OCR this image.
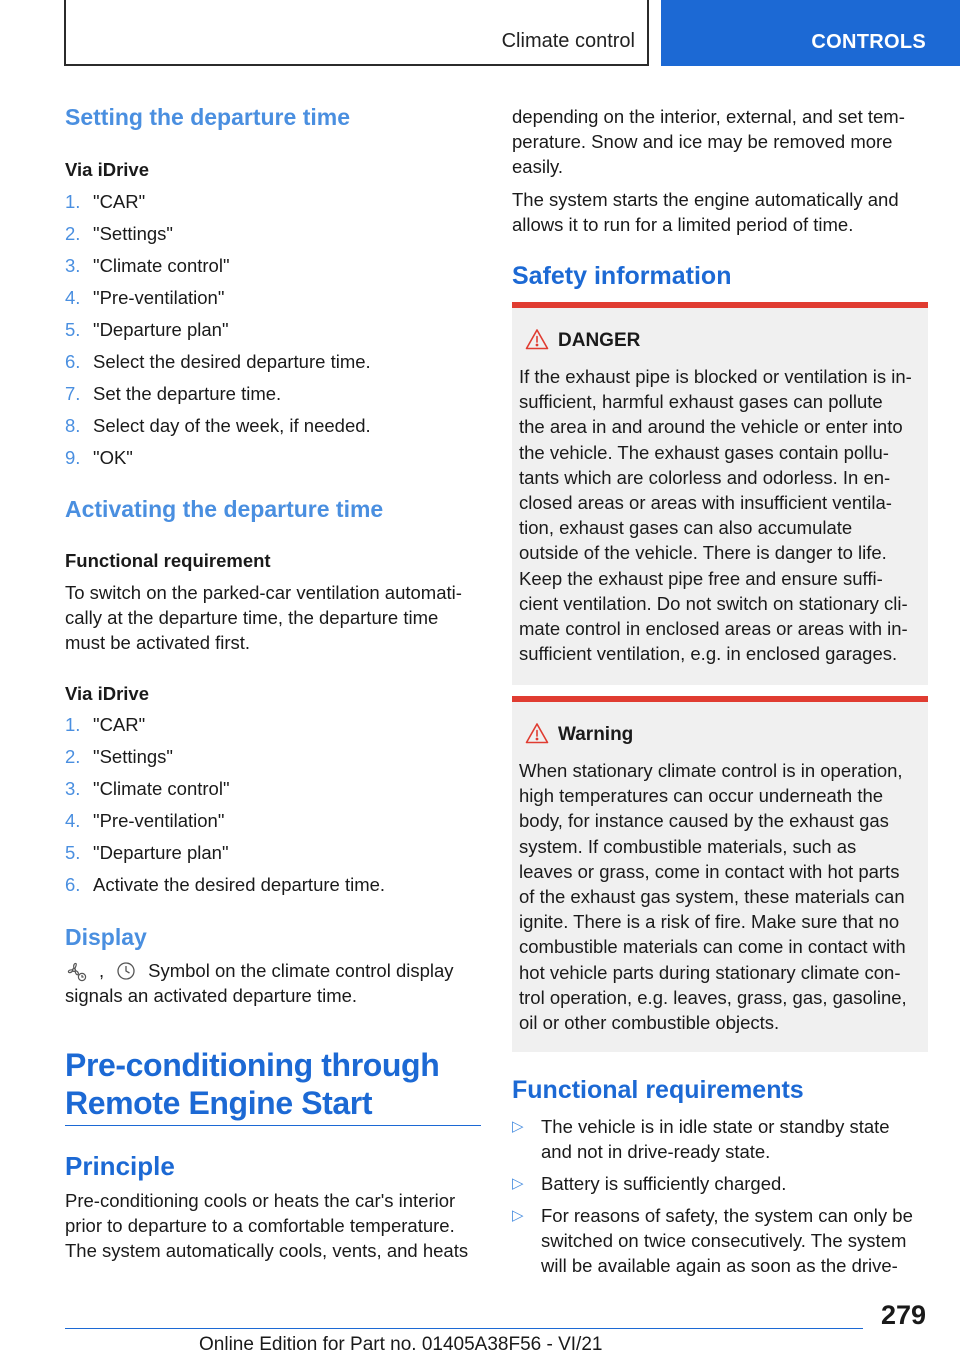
Climate control	CONTROLS
Setting the departure time
Via iDrive
1. "CAR"
2. "Settings"
3. "Climate control"
4. "Pre-ventilation"
5. "Departure plan"
6. Select the desired departure time.
7. Set the departure time.
8. Select day of the week, if needed.
9. "OK"
Activating the departure time
Functional requirement
To switch on the parked-car ventilation automati-
cally at the departure time, the departure time
must be activated first.
Via iDrive
1. "CAR"
2. "Settings"
3. "Climate control"
4. "Pre-ventilation"
5. "Departure plan"
6. Activate the desired departure time.
Display
, Symbol on the climate control display
signals an activated departure time.
Pre-conditioning through
Remote Engine Start
Principle
Pre-conditioning cools or heats the car's interior
prior to departure to a comfortable temperature.
The system automatically cools, vents, and heats
depending on the interior, external, and set tem-
perature. Snow and ice may be removed more
easily.
The system starts the engine automatically and
allows it to run for a limited period of time.
Safety information
DANGER
If the exhaust pipe is blocked or ventilation is in-
sufficient, harmful exhaust gases can pollute
the area in and around the vehicle or enter into
the vehicle. The exhaust gases contain pollu-
tants which are colorless and odorless. In en-
closed areas or areas with insufficient ventila-
tion, exhaust gases can also accumulate
outside of the vehicle. There is danger to life.
Keep the exhaust pipe free and ensure suffi-
cient ventilation. Do not switch on stationary cli-
mate control in enclosed areas or areas with in-
sufficient ventilation, e.g. in enclosed garages.
Warning
When stationary climate control is in operation,
high temperatures can occur underneath the
body, for instance caused by the exhaust gas
system. If combustible materials, such as
leaves or grass, come in contact with hot parts
of the exhaust gas system, these materials can
ignite. There is a risk of fire. Make sure that no
combustible materials can come in contact with
hot vehicle parts during stationary climate con-
trol operation, e.g. leaves, grass, gas, gasoline,
oil or other combustible objects.
Functional requirements
▷ The vehicle is in idle state or standby state
and not in drive-ready state.
▷ Battery is sufficiently charged.
▷ For reasons of safety, the system can only be
switched on twice consecutively. The system
will be available again as soon as the drive-
279
Online Edition for Part no. 01405A38F56 - VI/21
